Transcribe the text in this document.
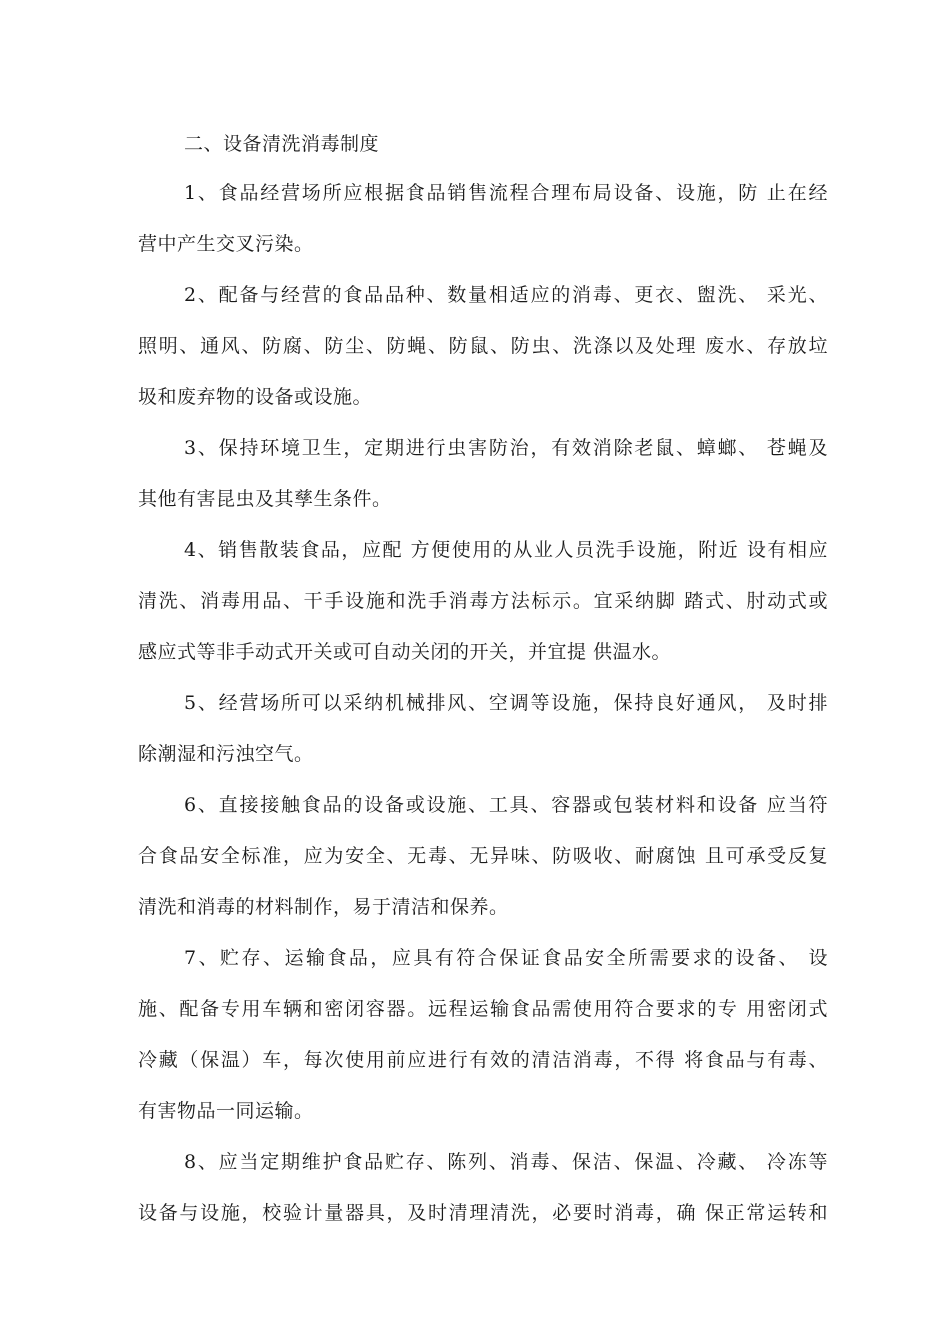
二、设备清洗消毒制度
1、食品经营场所应根据食品销售流程合理布局设备、设施，防 止在经
营中产生交叉污染。
2、配备与经营的食品品种、数量相适应的消毒、更衣、盥洗、 采光、
照明、通风、防腐、防尘、防蝇、防鼠、防虫、洗涤以及处理 废水、存放垃
圾和废弃物的设备或设施。
3、保持环境卫生，定期进行虫害防治，有效消除老鼠、蟑螂、 苍蝇及
其他有害昆虫及其孳生条件。
4、销售散装食品，应配 方便使用的从业人员洗手设施，附近 设有相应
清洗、消毒用品、干手设施和洗手消毒方法标示。宜采纳脚 踏式、肘动式或
感应式等非手动式开关或可自动关闭的开关，并宜提 供温水。
5、经营场所可以采纳机械排风、空调等设施，保持良好通风， 及时排
除潮湿和污浊空气。
6、直接接触食品的设备或设施、工具、容器或包装材料和设备 应当符
合食品安全标准，应为安全、无毒、无异味、防吸收、耐腐蚀 且可承受反复
清洗和消毒的材料制作，易于清洁和保养。
7、贮存、运输食品，应具有符合保证食品安全所需要求的设备、 设
施、配备专用车辆和密闭容器。远程运输食品需使用符合要求的专 用密闭式
冷藏（保温）车，每次使用前应进行有效的清洁消毒，不得 将食品与有毒、
有害物品一同运输。
8、应当定期维护食品贮存、陈列、消毒、保洁、保温、冷藏、 冷冻等
设备与设施，校验计量器具，及时清理清洗，必要时消毒，确 保正常运转和
